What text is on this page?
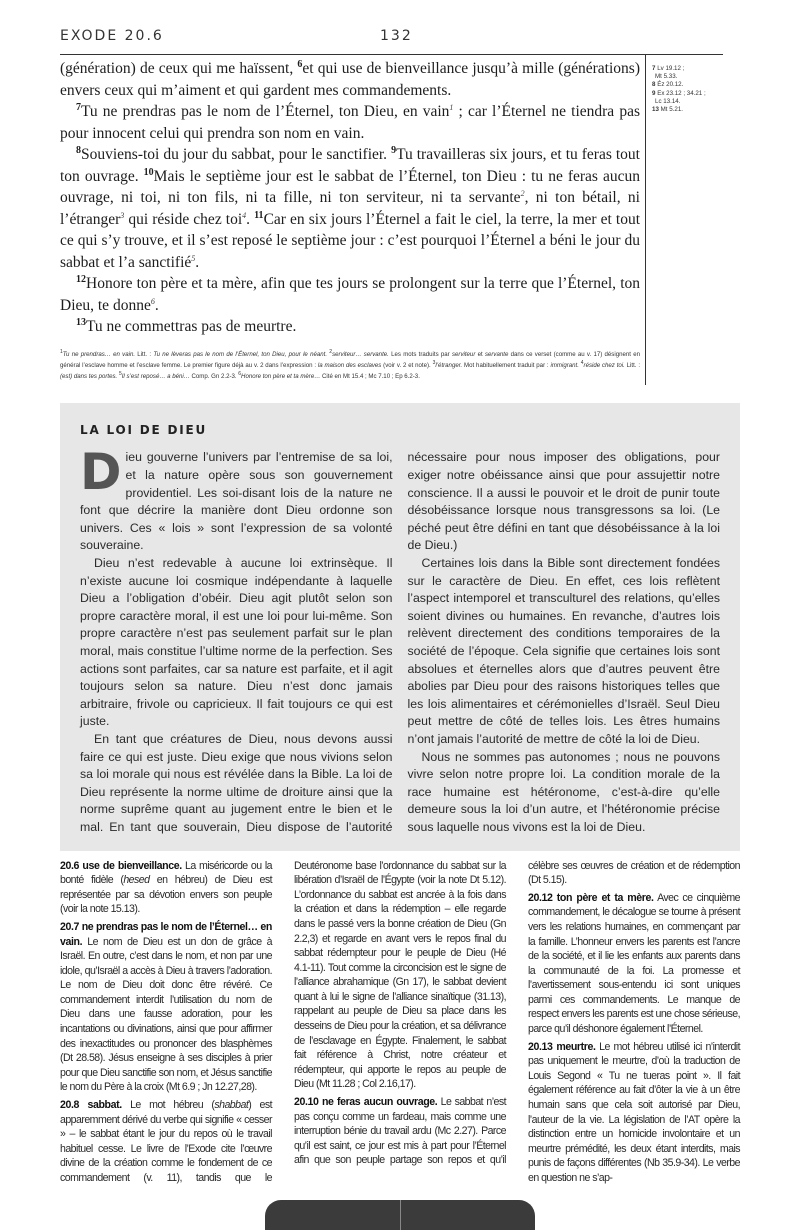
EXODE 20.6	132

(génération) de ceux qui me haïssent, $^6$et qui use de bienveillance jusqu’à mille (générations) envers ceux qui m’aiment et qui gardent mes commandements.

$^7$Tu ne prendras pas le nom de l’Éternel, ton Dieu, en vain$^1$ ; car l’Éternel ne tiendra pas pour innocent celui qui prendra son nom en vain.

$^8$Souviens-toi du jour du sabbat, pour le sanctifier. $^9$Tu travailleras six jours, et tu feras tout ton ouvrage. $^{10}$Mais le septième jour est le sabbat de l’Éternel, ton Dieu : tu ne feras aucun ouvrage, ni toi, ni ton fils, ni ta fille, ni ton serviteur, ni ta servante$^2$, ni ton bétail, ni l’étranger$^3$ qui réside chez toi$^4$. $^{11}$Car en six jours l’Éternel a fait le ciel, la terre, la mer et tout ce qui s’y trouve, et il s’est reposé le septième jour : c’est pourquoi l’Éternel a béni le jour du sabbat et l’a sanctifié$^5$.

$^{12}$Honore ton père et ta mère, afin que tes jours se prolongent sur la terre que l’Éternel, ton Dieu, te donne$^6$.

$^{13}$Tu ne commettras pas de meurtre.

$^1$Tu ne prendras… en vain. Litt. : Tu ne lèveras pas le nom de l’Éternel, ton Dieu, pour le néant. $^2$serviteur… servante. Les mots traduits par serviteur et servante dans ce verset (comme au v. 17) désignent en général l’esclave homme et l’esclave femme. Le premier figure déjà au v. 2 dans l’expression : la maison des esclaves (voir v. 2 et note). $^3$l’étranger. Mot habituellement traduit par : immigrant. $^4$réside chez toi. Litt. : (est) dans tes portes. $^5$Il s’est reposé… a béni… Comp. Gn 2.2-3. $^6$Honore ton père et ta mère… Cité en Mt 15.4 ; Mc 7.10 ; Ep 6.2-3.
7 Lv 19.12 ;
Mt 5.33.
8 Éz 20.12.
9 Ex 23.12 ; 34.21 ;
Lc 13.14.
13 Mt 5.21.
LA LOI DE DIEU

Dieu gouverne l’univers par l’entremise de sa loi, et la nature opère sous son gouvernement providentiel. Les soi-disant lois de la nature ne font que décrire la manière dont Dieu ordonne son univers. Ces « lois » sont l’expression de sa volonté souveraine.

Dieu n’est redevable à aucune loi extrinsèque. Il n’existe aucune loi cosmique indépendante à laquelle Dieu a l’obligation d’obéir. Dieu agit plutôt selon son propre caractère moral, il est une loi pour lui-même. Son propre caractère n’est pas seulement parfait sur le plan moral, mais constitue l’ultime norme de la perfection. Ses actions sont parfaites, car sa nature est parfaite, et il agit toujours selon sa nature. Dieu n’est donc jamais arbitraire, frivole ou capricieux. Il fait toujours ce qui est juste.

En tant que créatures de Dieu, nous devons aussi faire ce qui est juste. Dieu exige que nous vivions selon sa loi morale qui nous est révélée dans la Bible. La loi de Dieu représente la norme ultime de droiture ainsi que la norme suprême quant au jugement entre le bien et le mal. En tant que souverain, Dieu dispose de l’autorité nécessaire pour nous imposer des obligations, pour exiger notre obéissance ainsi que pour assujettir notre conscience. Il a aussi le pouvoir et le droit de punir toute désobéissance lorsque nous transgressons sa loi. (Le péché peut être défini en tant que désobéissance à la loi de Dieu.)

Certaines lois dans la Bible sont directement fondées sur le caractère de Dieu. En effet, ces lois reflètent l’aspect intemporel et transculturel des relations, qu’elles soient divines ou humaines. En revanche, d’autres lois relèvent directement des conditions temporaires de la société de l’époque. Cela signifie que certaines lois sont absolues et éternelles alors que d’autres peuvent être abolies par Dieu pour des raisons historiques telles que les lois alimentaires et cérémonielles d’Israël. Seul Dieu peut mettre de côté de telles lois. Les êtres humains n’ont jamais l’autorité de mettre de côté la loi de Dieu.

Nous ne sommes pas autonomes ; nous ne pouvons vivre selon notre propre loi. La condition morale de la race humaine est hétéronome, c’est-à-dire qu’elle demeure sous la loi d’un autre, et l’hétéronomie précise sous laquelle nous vivons est la loi de Dieu.

20.6 use de bienveillance. La miséricorde ou la bonté fidèle (hesed en hébreu) de Dieu est représentée par sa dévotion envers son peuple (voir la note 15.13).

20.7 ne prendras pas le nom de l’Éternel… en vain. Le nom de Dieu est un don de grâce à Israël. En outre, c’est dans le nom, et non par une idole, qu’Israël a accès à Dieu à travers l’adoration. Le nom de Dieu doit donc être révéré. Ce commandement interdit l’utilisation du nom de Dieu dans une fausse adoration, pour les incantations ou divinations, ainsi que pour affirmer des inexactitudes ou prononcer des blasphèmes (Dt 28.58). Jésus enseigne à ses disciples à prier pour que Dieu sanctifie son nom, et Jésus sanctifie le nom du Père à la croix (Mt 6.9 ; Jn 12.27,28).

20.8 sabbat. Le mot hébreu (shabbat) est apparemment dérivé du verbe qui signifie « cesser » – le sabbat étant le jour du repos où le travail habituel cesse. Le livre de l’Exode cite l’œuvre divine de la création comme le fondement de ce commandement (v. 11), tandis que le Deutéronome base l’ordonnance du sabbat sur la libération d’Israël de l’Égypte (voir la note Dt 5.12). L’ordonnance du sabbat est ancrée à la fois dans la création et dans la rédemption – elle regarde dans le passé vers la bonne création de Dieu (Gn 2.2,3) et regarde en avant vers le repos final du sabbat rédempteur pour le peuple de Dieu (Hé 4.1-11). Tout comme la circoncision est le signe de l’alliance abrahamique (Gn 17), le sabbat devient quant à lui le signe de l’alliance sinaïtique (31.13), rappelant au peuple de Dieu sa place dans les desseins de Dieu pour la création, et sa délivrance de l’esclavage en Égypte. Finalement, le sabbat fait référence à Christ, notre créateur et rédempteur, qui apporte le repos au peuple de Dieu (Mt 11.28 ; Col 2.16,17).

20.10 ne feras aucun ouvrage. Le sabbat n’est pas conçu comme un fardeau, mais comme une interruption bénie du travail ardu (Mc 2.27). Parce qu’il est saint, ce jour est mis à part pour l’Éternel afin que son peuple partage son repos et qu’il célèbre ses œuvres de création et de rédemption (Dt 5.15).

20.12 ton père et ta mère. Avec ce cinquième commandement, le décalogue se tourne à présent vers les relations humaines, en commençant par la famille. L’honneur envers les parents est l’ancre de la société, et il lie les enfants aux parents dans la communauté de la foi. La promesse et l’avertissement sous-entendu ici sont uniques parmi ces commandements. Le manque de respect envers les parents est une chose sérieuse, parce qu’il déshonore également l’Éternel.

20.13 meurtre. Le mot hébreu utilisé ici n’interdit pas uniquement le meurtre, d’où la traduction de Louis Segond « Tu ne tueras point ». Il fait également référence au fait d’ôter la vie à un être humain sans que cela soit autorisé par Dieu, l’auteur de la vie. La législation de l’AT opère la distinction entre un homicide involontaire et un meurtre prémédité, les deux étant interdits, mais punis de façons différentes (Nb 35.9-34). Le verbe en question ne s’ap-
